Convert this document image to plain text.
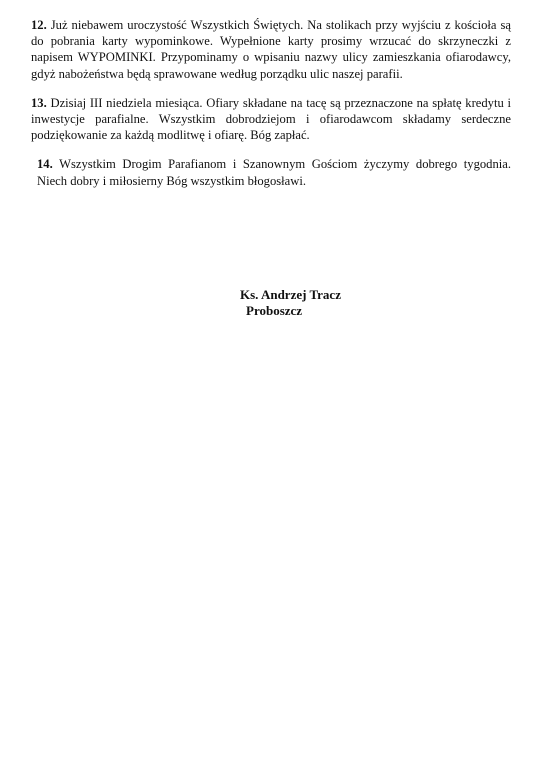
12. Już niebawem uroczystość Wszystkich Świętych. Na stolikach przy wyjściu z kościoła są do pobrania karty wypominkowe. Wypełnione karty prosimy wrzucać do skrzyneczki z napisem WYPOMINKI. Przypominamy o wpisaniu nazwy ulicy zamieszkania ofiarodawcy, gdyż nabożeństwa będą sprawowane według porządku ulic naszej parafii.

13. Dzisiaj III niedziela miesiąca. Ofiary składane na tacę są przeznaczone na spłatę kredytu i inwestycje parafialne. Wszystkim dobrodziejom i ofiarodawcom składamy serdeczne podziękowanie za każdą modlitwę i ofiarę. Bóg zapłać.

14. Wszystkim Drogim Parafianom i Szanownym Gościom życzymy dobrego tygodnia. Niech dobry i miłosierny Bóg wszystkim błogosławi.

Ks. Andrzej Tracz
Proboszcz
